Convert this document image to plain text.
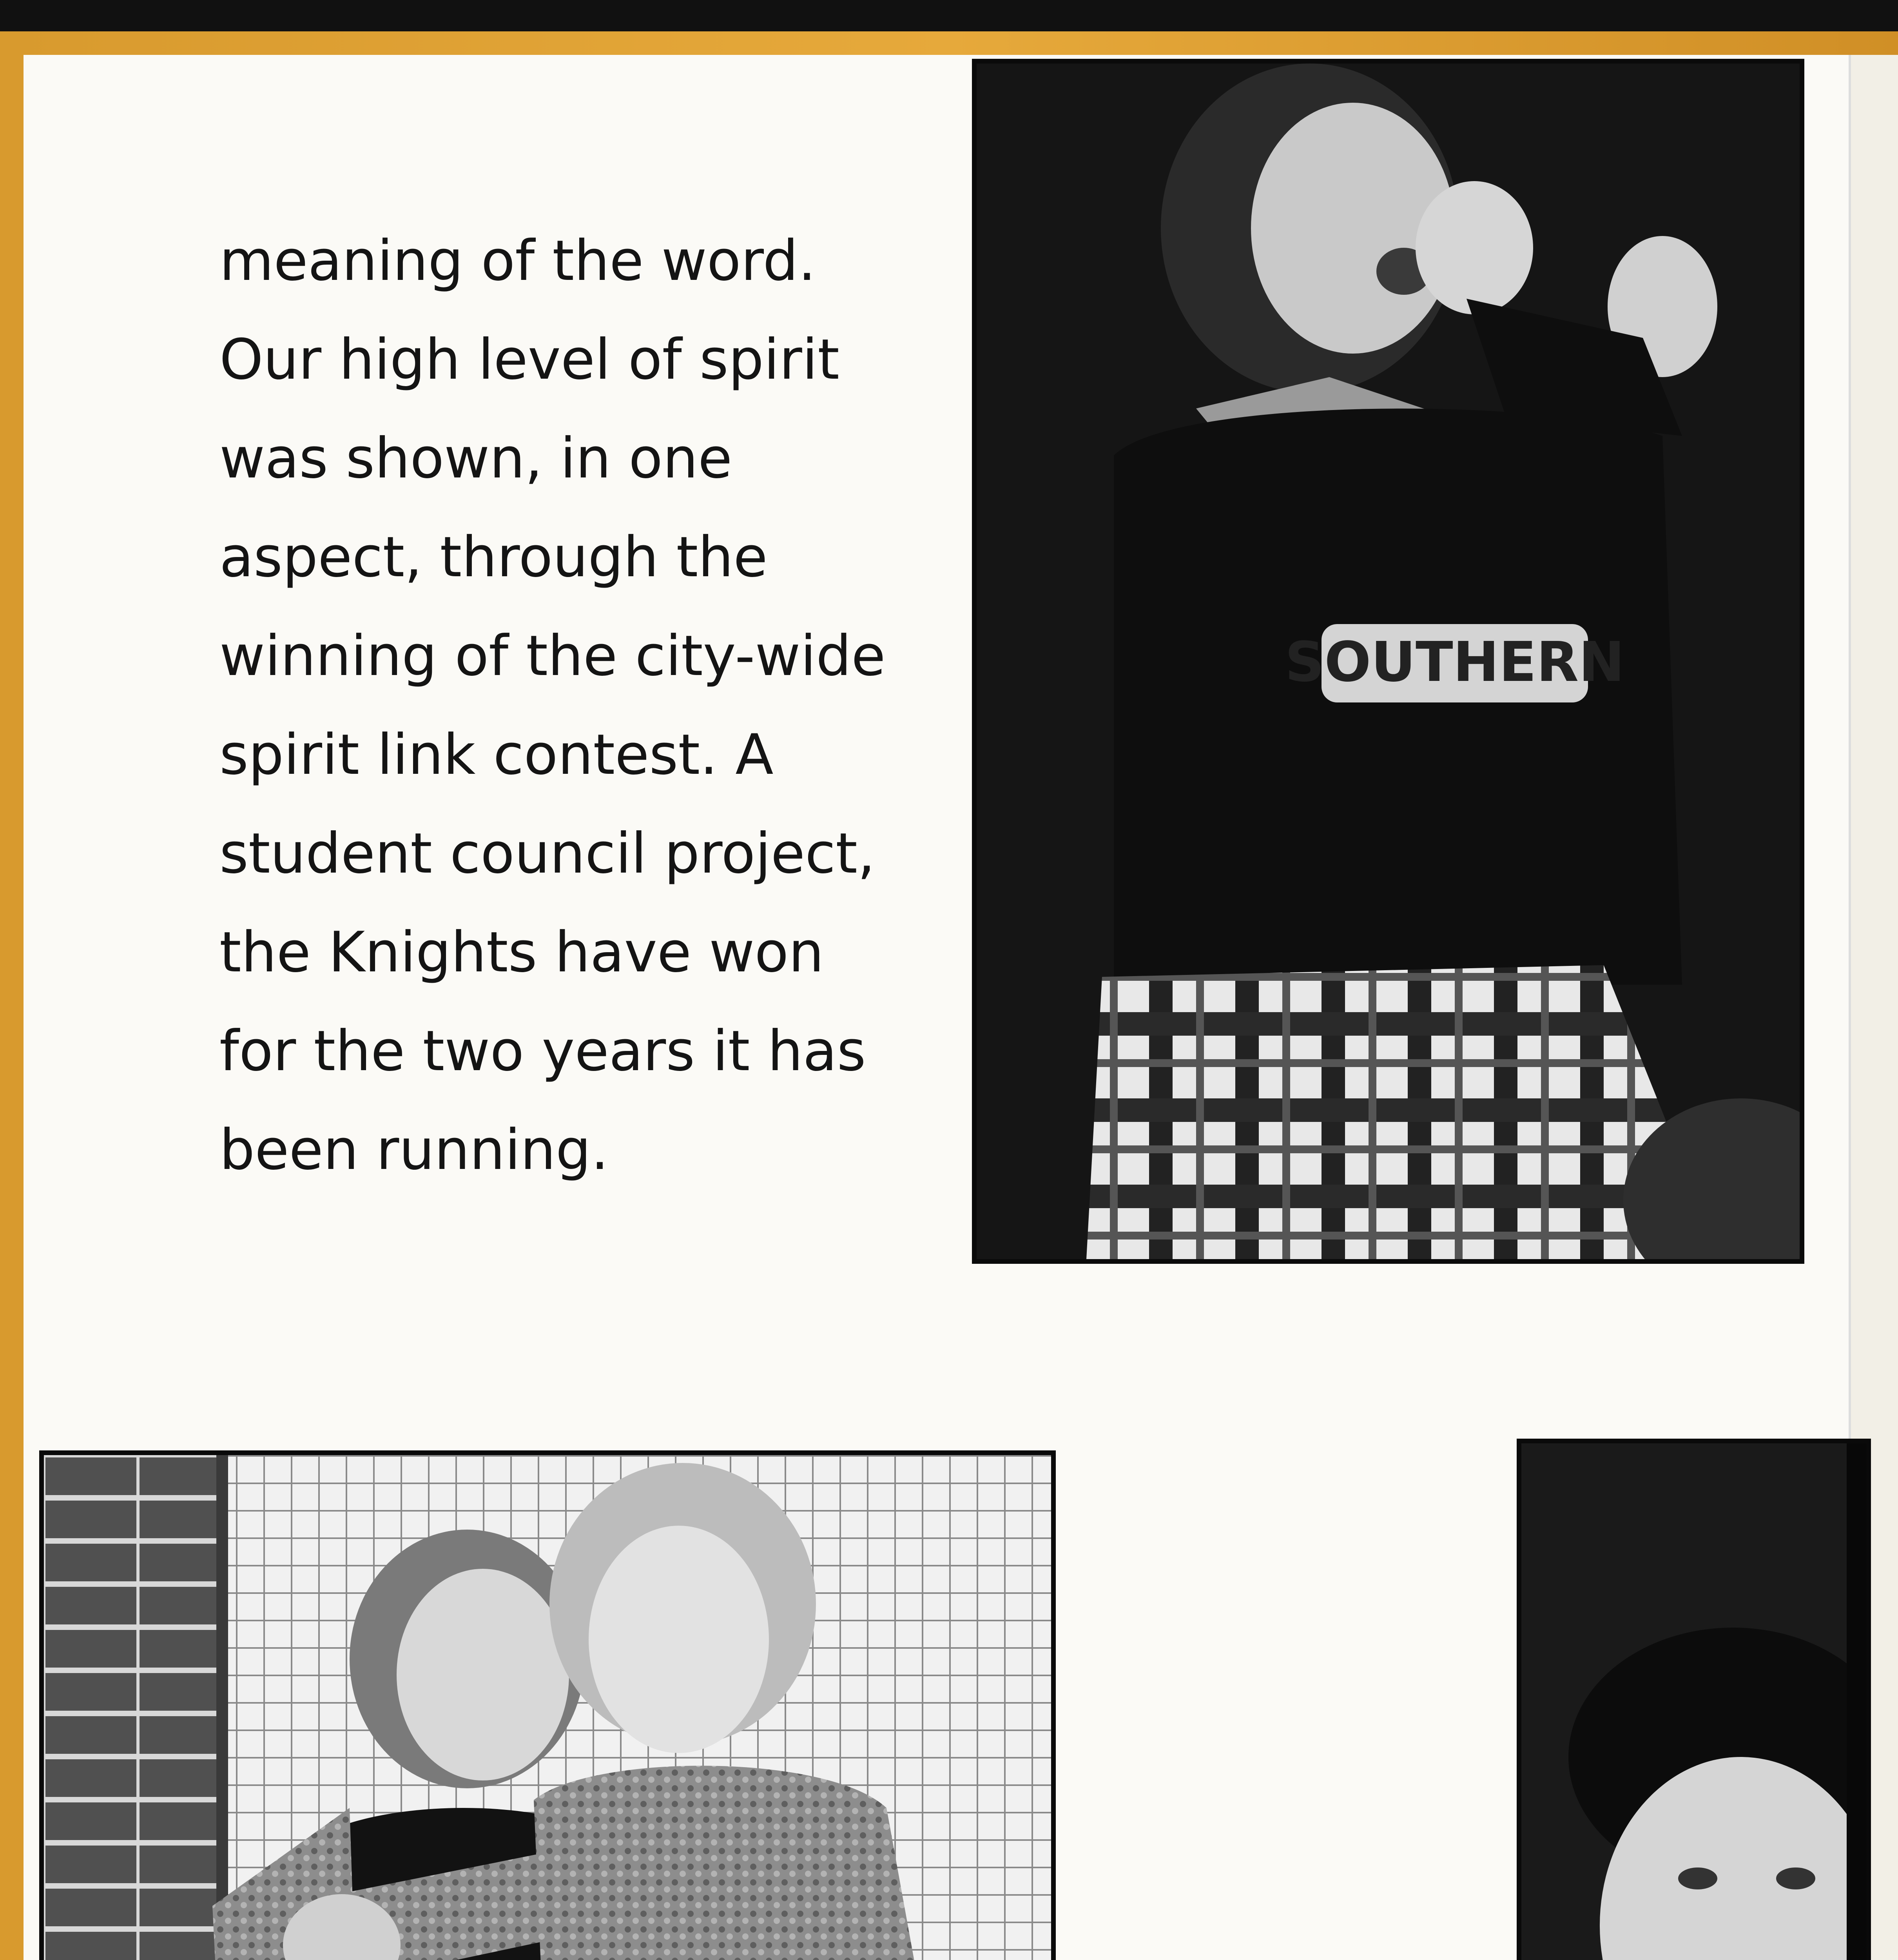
meaning of the word.
Our high level of spirit
was shown, in one
aspect, through the
winning of the city-wide
spirit link contest. A
student council project,
the Knights have won
for the two years it has
been running.
SOUTHERN
